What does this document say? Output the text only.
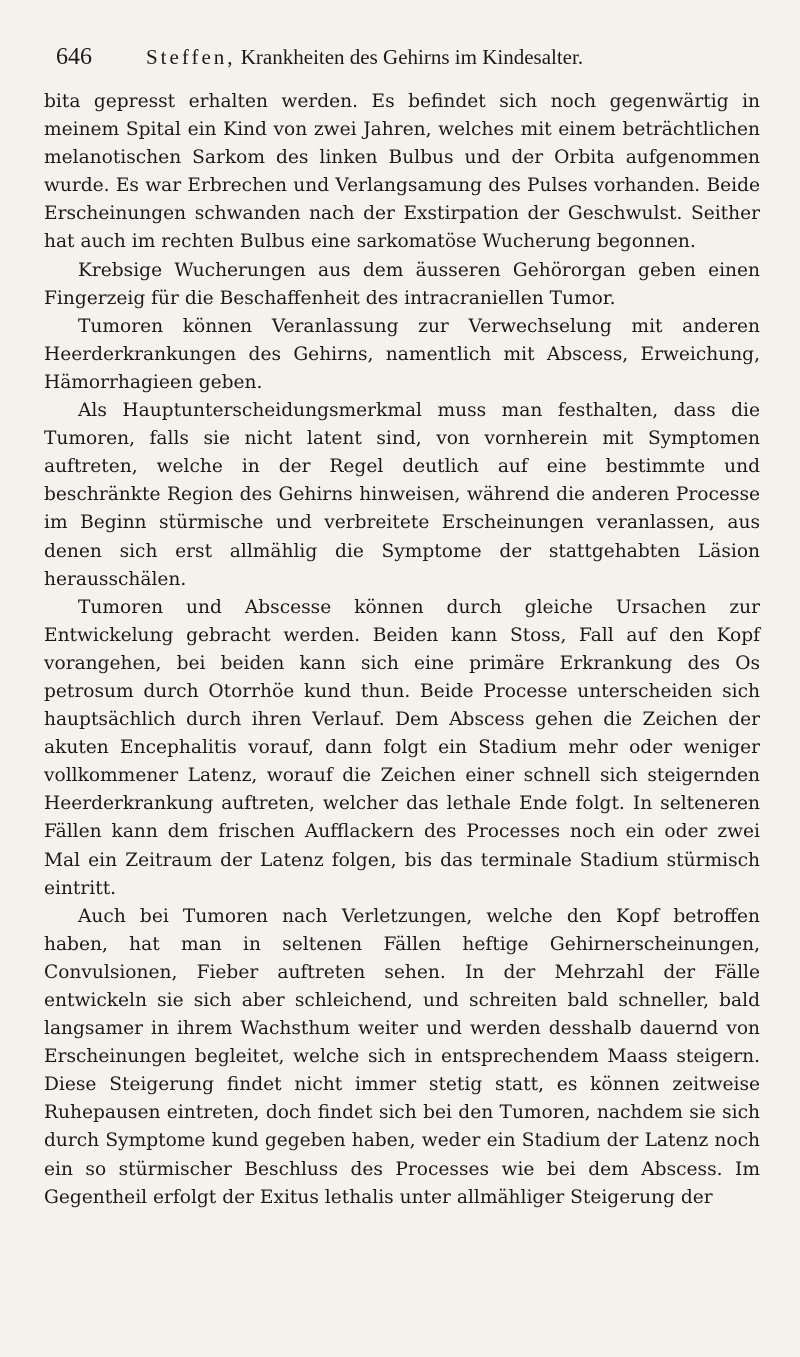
646	Steffen, Krankheiten des Gehirns im Kindesalter.

bita gepresst erhalten werden. Es befindet sich noch gegenwärtig in meinem Spital ein Kind von zwei Jahren, welches mit einem beträchtlichen melanotischen Sarkom des linken Bulbus und der Orbita aufgenommen wurde. Es war Erbrechen und Verlangsamung des Pulses vorhanden. Beide Erscheinungen schwanden nach der Exstirpation der Geschwulst. Seither hat auch im rechten Bulbus eine sarkomatöse Wucherung begonnen.

Krebsige Wucherungen aus dem äusseren Gehörorgan geben einen Fingerzeig für die Beschaffenheit des intracraniellen Tumor.

Tumoren können Veranlassung zur Verwechselung mit anderen Heerderkrankungen des Gehirns, namentlich mit Abscess, Erweichung, Hämorrhagieen geben.

Als Hauptunterscheidungsmerkmal muss man festhalten, dass die Tumoren, falls sie nicht latent sind, von vornherein mit Symptomen auftreten, welche in der Regel deutlich auf eine bestimmte und beschränkte Region des Gehirns hinweisen, während die anderen Processe im Beginn stürmische und verbreitete Erscheinungen veranlassen, aus denen sich erst allmählig die Symptome der stattgehabten Läsion herausschälen.

Tumoren und Abscesse können durch gleiche Ursachen zur Entwickelung gebracht werden. Beiden kann Stoss, Fall auf den Kopf vorangehen, bei beiden kann sich eine primäre Erkrankung des Os petrosum durch Otorrhöe kund thun. Beide Processe unterscheiden sich hauptsächlich durch ihren Verlauf. Dem Abscess gehen die Zeichen der akuten Encephalitis vorauf, dann folgt ein Stadium mehr oder weniger vollkommener Latenz, worauf die Zeichen einer schnell sich steigernden Heerderkrankung auftreten, welcher das lethale Ende folgt. In selteneren Fällen kann dem frischen Aufflackern des Processes noch ein oder zwei Mal ein Zeitraum der Latenz folgen, bis das terminale Stadium stürmisch eintritt.

Auch bei Tumoren nach Verletzungen, welche den Kopf betroffen haben, hat man in seltenen Fällen heftige Gehirnerscheinungen, Convulsionen, Fieber auftreten sehen. In der Mehrzahl der Fälle entwickeln sie sich aber schleichend, und schreiten bald schneller, bald langsamer in ihrem Wachsthum weiter und werden desshalb dauernd von Erscheinungen begleitet, welche sich in entsprechendem Maass steigern. Diese Steigerung findet nicht immer stetig statt, es können zeitweise Ruhepausen eintreten, doch findet sich bei den Tumoren, nachdem sie sich durch Symptome kund gegeben haben, weder ein Stadium der Latenz noch ein so stürmischer Beschluss des Processes wie bei dem Abscess. Im Gegentheil erfolgt der Exitus lethalis unter allmähliger Steigerung der
